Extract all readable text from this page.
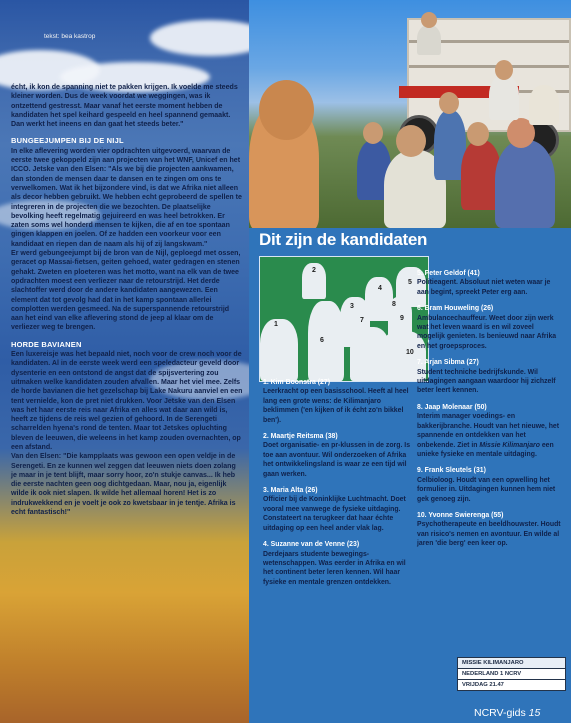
tekst: bea kastrop

écht, ik kon de spanning niet te pakken krijgen. Ik voelde me steeds kleiner worden. Dus de week voordat we weggingen, was ik ontzettend gestresst. Maar vanaf het eerste moment hebben de kandidaten het spel keihard gespeeld en heel spannend gemaakt. Dan werkt het ineens en dan gaat het steeds beter."

BUNGEEJUMPEN BIJ DE NIJL

In elke aflevering worden vier opdrachten uitgevoerd, waarvan de eerste twee gekoppeld zijn aan projecten van het WNF, Unicef en het ICCO. Jetske van den Elsen: "Als we bij die projecten aankwamen, dan stonden de mensen daar te dansen en te zingen om ons te verwelkomen. Wat ik het bijzondere vind, is dat we Afrika niet alleen als decor hebben gebruikt. We hebben echt geprobeerd de spellen te integreren in de projecten die we bezochten. De plaatselijke bevolking heeft regelmatig gejuireerd en was heel betrokken. Er zaten soms wel honderd mensen te kijken, die af en toe spontaan gingen klappen en joelen. Of ze hadden een voorkeur voor een kandidaat en riepen dan de naam als hij of zij langskwam."

Er werd gebungeejumpt bij de bron van de Nijl, geploegd met ossen, geracet op Massai-fietsen, geiten gehoed, water gedragen en stenen gehakt. Zweten en ploeteren was het motto, want na elk van de twee opdrachten moest een verliezer naar de retourstrijd. Het derde slachtoffer werd door de andere kandidaten aangewezen. Een element dat tot gevolg had dat in het kamp spontaan allerlei complotten werden gesmeed. Na de superspannende retourstrijd aan het eind van elke aflevering stond de jeep al klaar om de verliezer weg te brengen.

HORDE BAVIANEN

Een luxereisje was het bepaald niet, noch voor de crew noch voor de kandidaten. Al in de eerste week werd een speledacteur geveld door dysenterie en een ontstond de angst dat de spijsvertering zou uitmaken welke kandidaten zouden afvallen. Maar het viel mee. Zelfs de horde bavianen die het gezelschap bij Lake Nakuru aanviel en een tent vernielde, kon de pret niet drukken. Voor Jetske van den Elsen was het haar eerste reis naar Afrika en alles wat daar aan wild is, heeft ze tijdens de reis wel gezien of gehoord. In de Serengeti scharrelden hyena's rond de tenten. Maar tot Jetskes opluchting bleven de leeuwen, die weleens in het kamp zouden overnachten, op een afstand.

Van den Elsen: "Die kampplaats was gewoon een open veldje in de Serengeti. En ze kunnen wel zeggen dat leeuwen niets doen zolang je maar in je tent blijft, maar sorry hoor, zo'n stukje canvas... Ik heb die eerste nachten geen oog dichtgedaan. Maar, nou ja, eigenlijk wilde ik ook niet slapen. Ik wilde het allemaal horen! Het is zo indrukwekkend en je voelt je ook zo kwetsbaar in je tentje. Afrika is echt fantastisch!"

Dit zijn de kandidaten
1
2
3
4
5
6
7
8
9
10
1. Kim Boonstra (27)
Leerkracht op een basisschool. Heeft al heel lang een grote wens: de Kilimanjaro beklimmen ('en kijken of ik écht zo'n bikkel ben').
2. Maartje Reitsma (38)
Doet organisatie- en pr-klussen in de zorg. Is toe aan avontuur. Wil onderzoeken of Afrika het ontwikkelingsland is waar ze een tijd wil gaan werken.
3. Maria Alta (26)
Officier bij de Koninklijke Luchtmacht. Doet vooral mee vanwege de fysieke uitdaging. Constateert na terugkeer dat haar échte uitdaging op een heel ander vlak lag.
4. Suzanne van de Venne (23)
Derdejaars studente bewegings-wetenschappen. Was eerder in Afrika en wil het continent beter leren kennen. Wil haar fysieke en mentale grenzen ontdekken.
5. Peter Geldof (41)
Politieagent. Absoluut niet weten waar je aan begint, spreekt Peter erg aan.
6. Bram Houweling (26)
Ambulancechauffeur. Weet door zijn werk wat het leven waard is en wil zoveel mogelijk genieten. Is benieuwd naar Afrika en het groepsproces.
7. Arjan Sibma (27)
Student techniche bedrijfskunde. Wil uitdagingen aangaan waardoor hij zichzelf beter leert kennen.
8. Jaap Molenaar (50)
Interim manager voedings- en bakkerijbranche. Houdt van het nieuwe, het spannende en ontdekken van het onbekende. Ziet in Missie Kilimanjaro een unieke fysieke en mentale uitdaging.
9. Frank Sleutels (31)
Celbioloog. Houdt van een opwelling het formulier in. Uitdagingen kunnen hem niet gek genoeg zijn.
10. Yvonne Swierenga (55)
Psychotherapeute en beeldhouwster. Houdt van risico's nemen en avontuur. En wilde al jaren 'die berg' een keer op.
MISSIE KILIMANJARO
NEDERLAND 1 NCRV
VRIJDAG 21.47
NCRV-gids 15
